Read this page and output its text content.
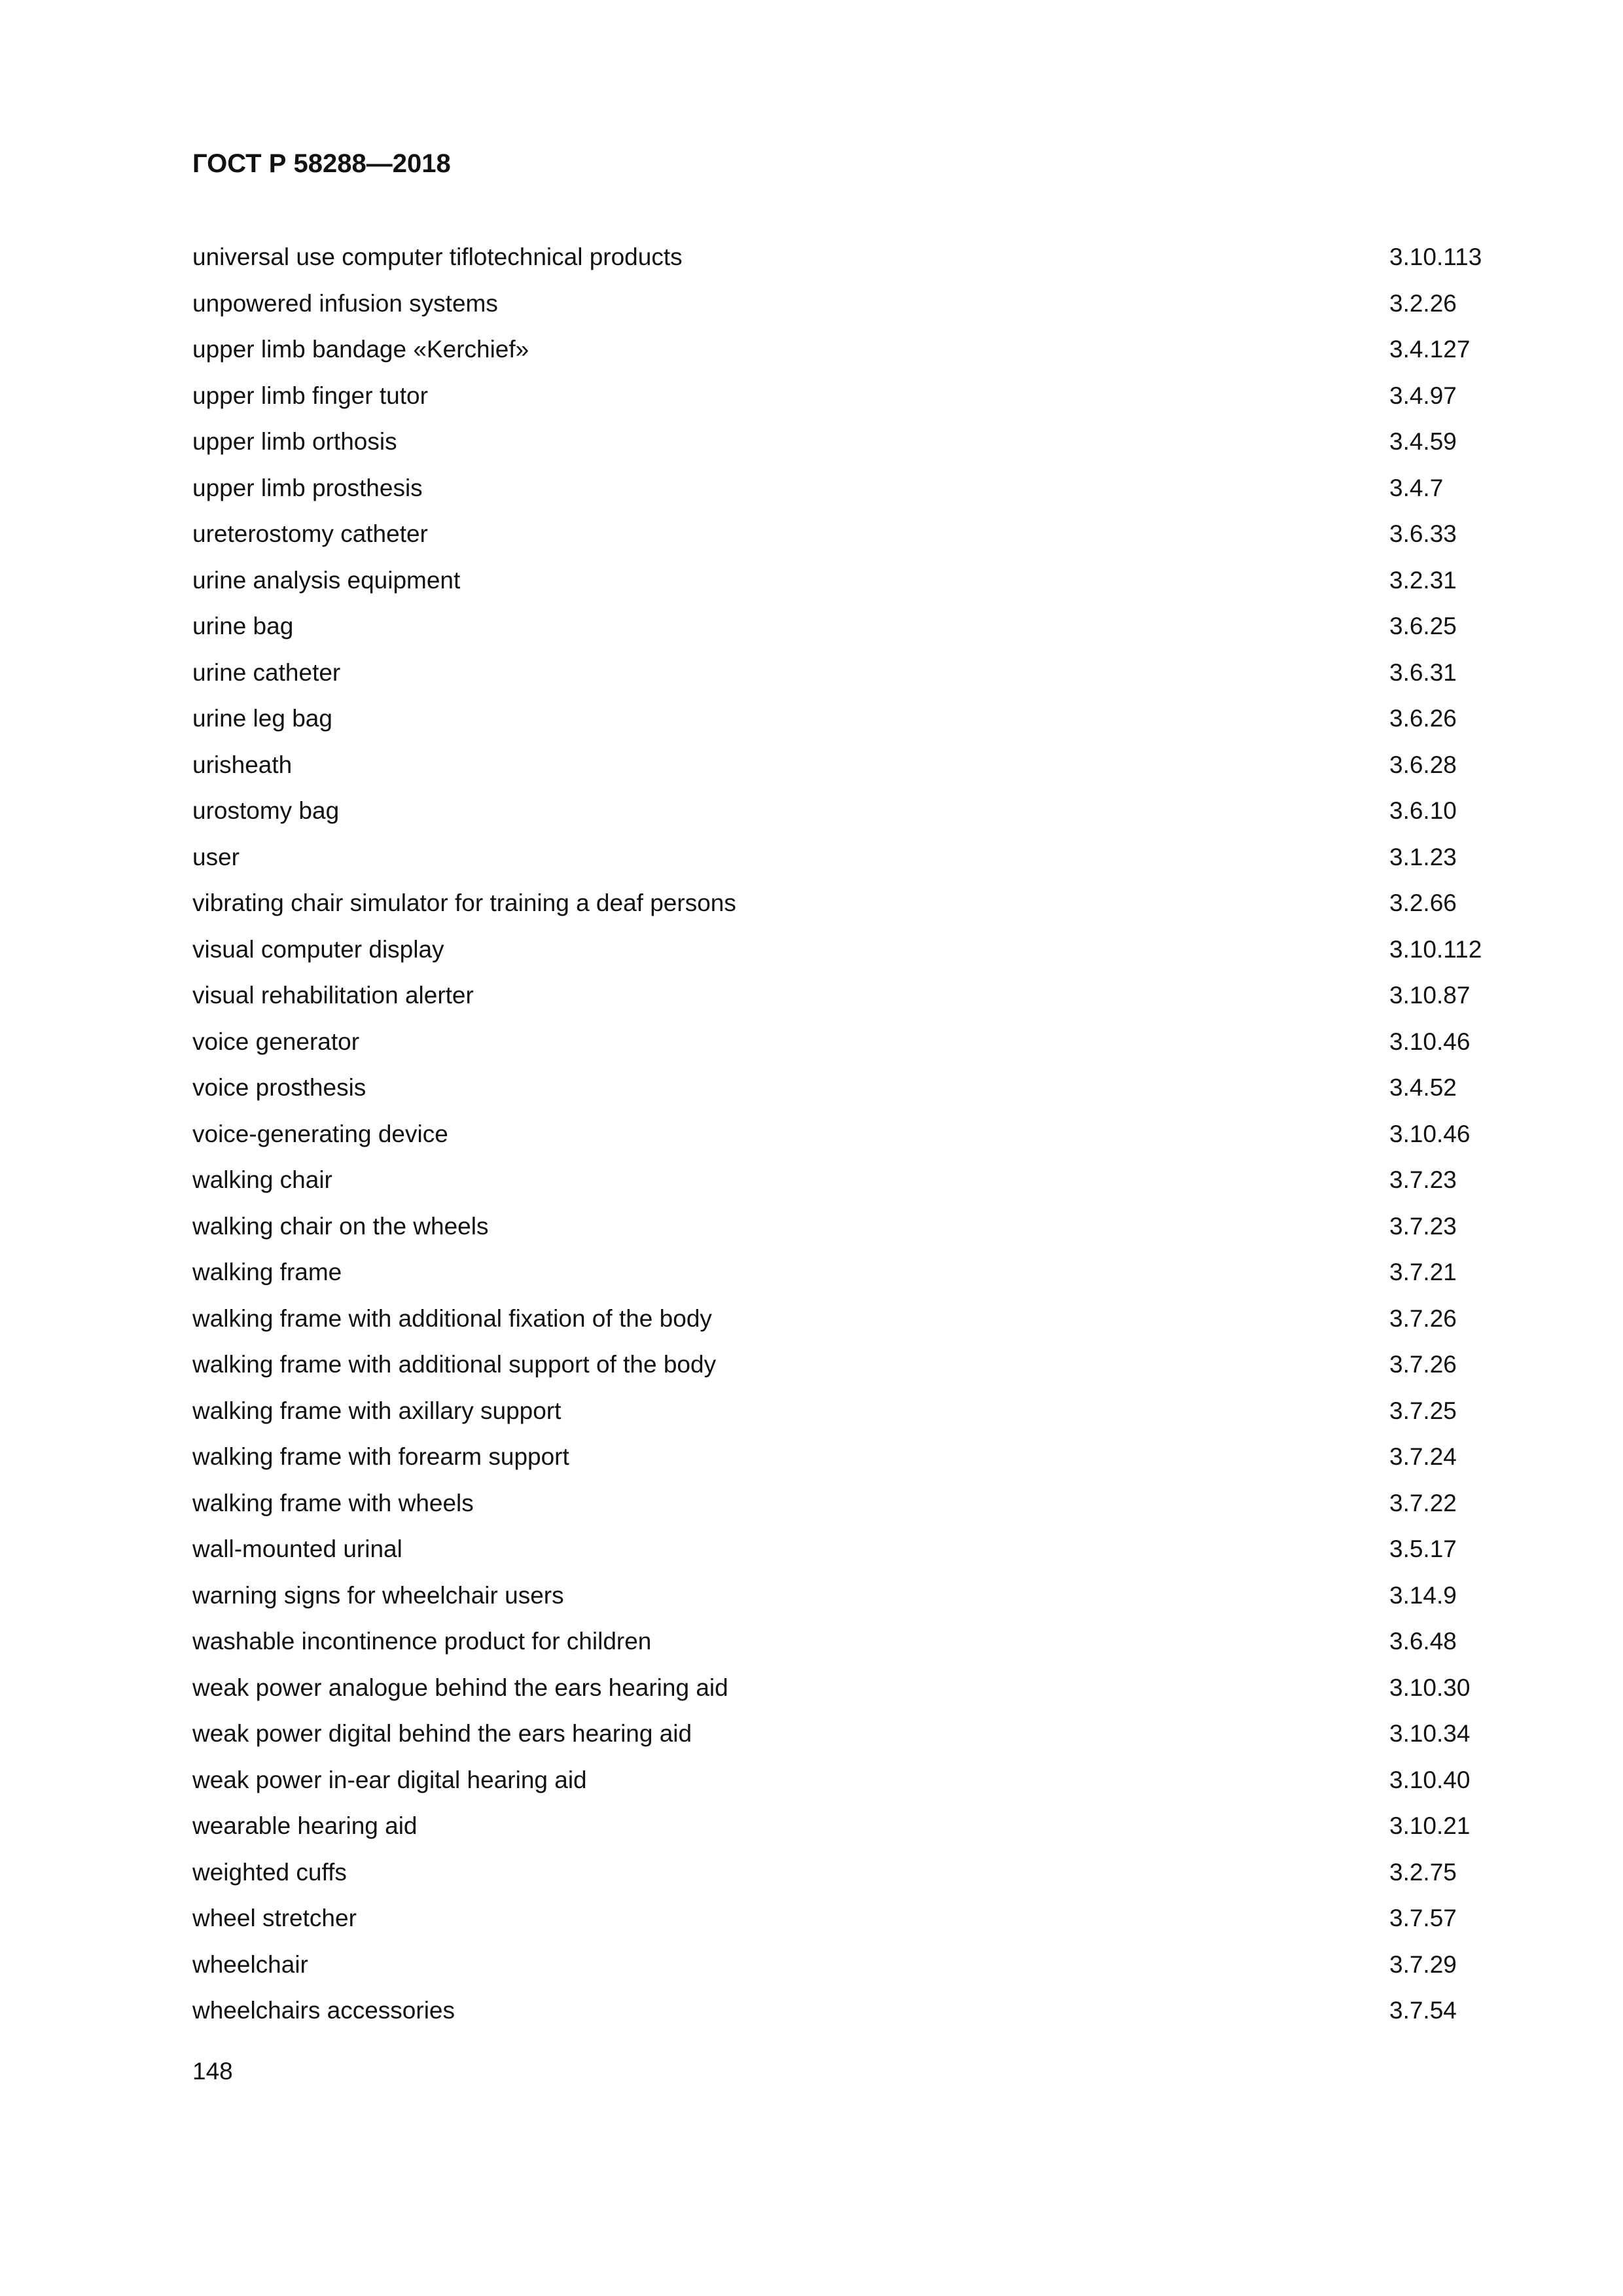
ГОСТ Р 58288—2018
universal use computer tiflotechnical products	3.10.113
unpowered infusion systems	3.2.26
upper limb bandage «Kerchief»	3.4.127
upper limb finger tutor	3.4.97
upper limb orthosis	3.4.59
upper limb prosthesis	3.4.7
ureterostomy catheter	3.6.33
urine analysis equipment	3.2.31
urine bag	3.6.25
urine catheter	3.6.31
urine leg bag	3.6.26
urisheath	3.6.28
urostomy bag	3.6.10
user	3.1.23
vibrating chair simulator for training a deaf persons	3.2.66
visual computer display	3.10.112
visual rehabilitation alerter	3.10.87
voice generator	3.10.46
voice prosthesis	3.4.52
voice-generating device	3.10.46
walking chair	3.7.23
walking chair on the wheels	3.7.23
walking frame	3.7.21
walking frame with additional fixation of the body	3.7.26
walking frame with additional support of the body	3.7.26
walking frame with axillary support	3.7.25
walking frame with forearm support	3.7.24
walking frame with wheels	3.7.22
wall-mounted urinal	3.5.17
warning signs for wheelchair users	3.14.9
washable incontinence product for children	3.6.48
weak power analogue behind the ears hearing aid	3.10.30
weak power digital behind the ears hearing aid	3.10.34
weak power in-ear digital hearing aid	3.10.40
wearable hearing aid	3.10.21
weighted cuffs	3.2.75
wheel stretcher	3.7.57
wheelchair	3.7.29
wheelchairs accessories	3.7.54
148
